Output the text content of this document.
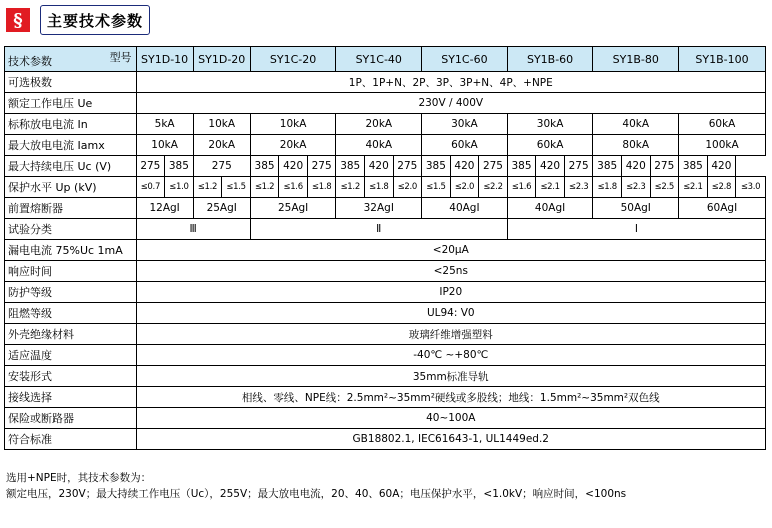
§	主要技术参数
型号
技术参数	SY1D-10		SY1D-20		SY1C-20			SY1C-40			SY1C-60			SY1B-60			SY1B-80			SY1B-100		
可选极数	1P、1P+N、2P、3P、3P+N、4P、+NPE																					
额定工作电压 Ue	230V / 400V																					
标称放电电流 In	5kA		10kA		10kA			20kA			30kA			30kA			40kA			60kA		
最大放电电流 Iamx	10kA		20kA		20kA			40kA			60kA			60kA			80kA			100kA		
最大持续电压 Uc (V)	275	385	275		385	420	275	385	420	275	385	420	275	385	420	275	385	420	275	385	420	
保护水平 Up (kV)	≤0.7	≤1.0	≤1.2	≤1.5	≤1.2	≤1.6	≤1.8	≤1.2	≤1.8	≤2.0	≤1.5	≤2.0	≤2.2	≤1.6	≤2.1	≤2.3	≤1.8	≤2.3	≤2.5	≤2.1	≤2.8	≤3.0
前置熔断器	12AgⅠ		25AgⅠ		25AgⅠ			32AgⅠ			40AgⅠ			40AgⅠ			50AgⅠ			60AgⅠ		
试验分类	Ⅲ				Ⅱ									Ⅰ								
漏电电流 75%Uc 1mA	<20μA																					
响应时间	<25ns																					
防护等级	IP20																					
阻燃等级	UL94: V0																					
外壳绝缘材料	玻璃纤维增强塑料																					
适应温度	-40℃ ~+80℃																					
安装形式	35mm标准导轨																					
接线选择	相线、零线、NPE线：2.5mm²~35mm²硬线或多股线；地线：1.5mm²~35mm²双色线																					
保险或断路器	40~100A																					
符合标准	GB18802.1, IEC61643-1, UL1449ed.2																					
选用+NPE时，其技术参数为：
额定电压，230V；最大持续工作电压（Uc），255V；最大放电电流，20、40、60A；电压保护水平，<1.0kV；响应时间，<100ns
